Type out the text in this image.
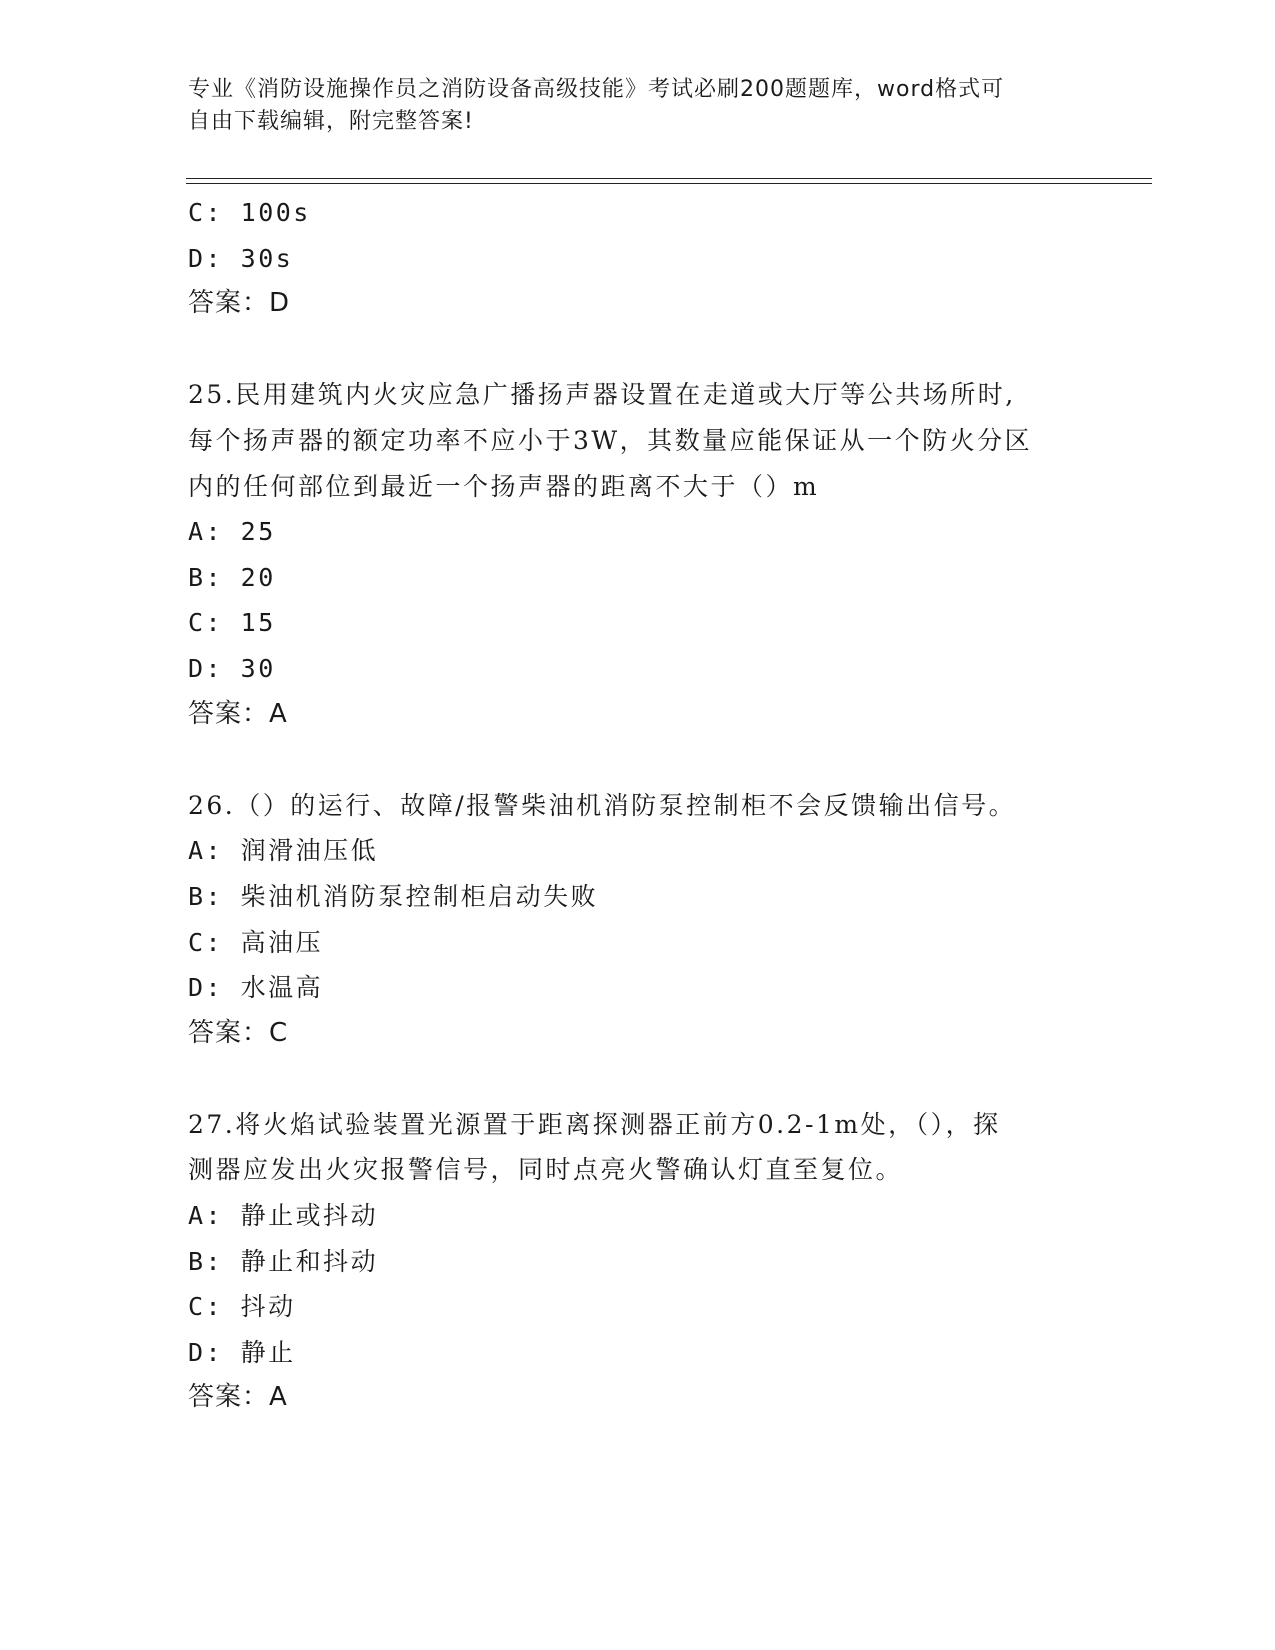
专业《消防设施操作员之消防设备高级技能》考试必刷200题题库，word格式可
自由下载编辑，附完整答案!
C: 100s
D: 30s
答案：D
25.民用建筑内火灾应急广播扬声器设置在走道或大厅等公共场所时,
每个扬声器的额定功率不应小于3W，其数量应能保证从一个防火分区
内的任何部位到最近一个扬声器的距离不大于（）m
A: 25
B: 20
C: 15
D: 30
答案：A
26.（）的运行、故障/报警柴油机消防泵控制柜不会反馈输出信号。
A: 润滑油压低
B: 柴油机消防泵控制柜启动失败
C: 高油压
D: 水温高
答案：C
27.将火焰试验装置光源置于距离探测器正前方0.2-1m处，（），探
测器应发出火灾报警信号，同时点亮火警确认灯直至复位。
A: 静止或抖动
B: 静止和抖动
C: 抖动
D: 静止
答案：A
